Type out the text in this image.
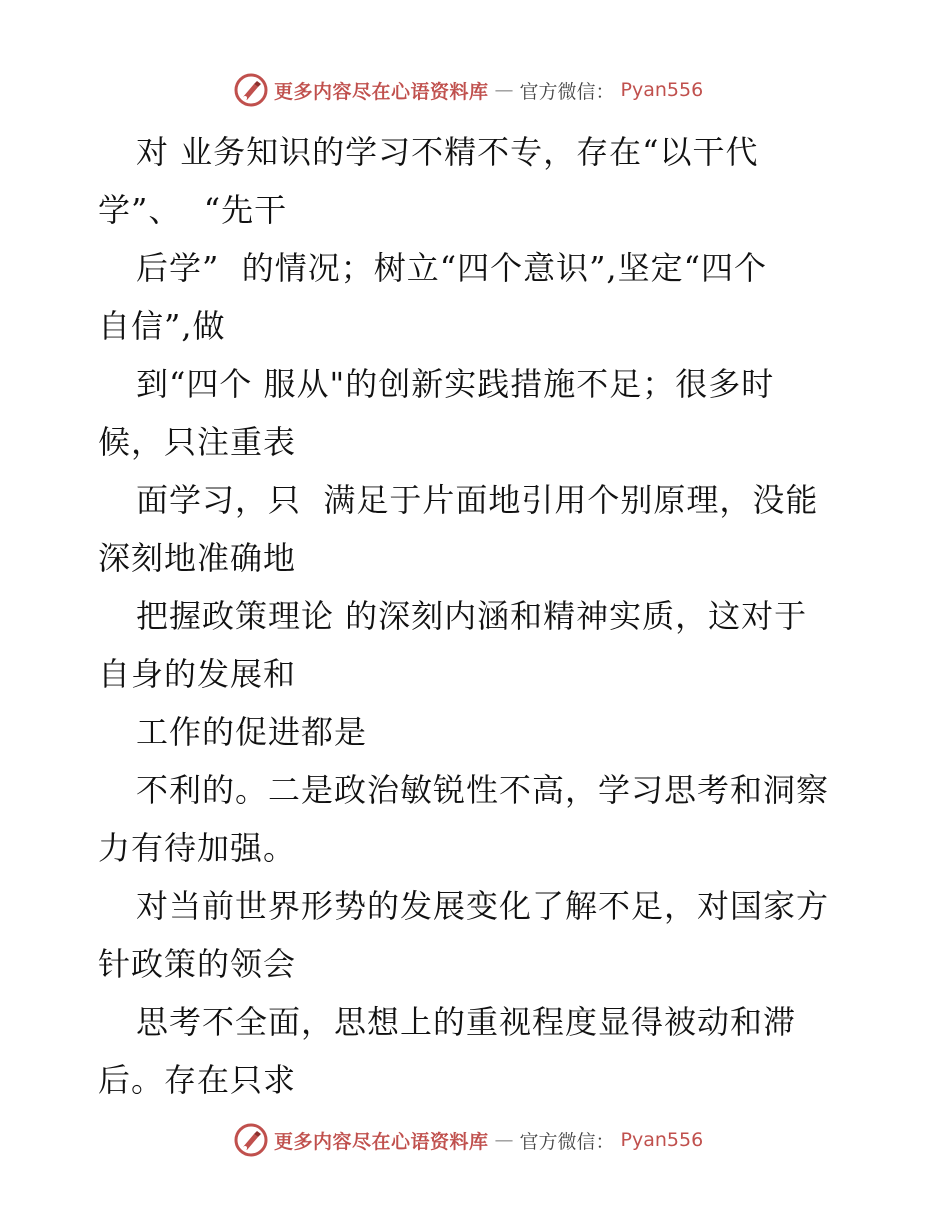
更多内容尽在心语资料库 — 官方微信： Pyan556
对 业务知识的学习不精不专，存在“以干代
学”、  “先干
后学”  的情况；树立“四个意识”,坚定“四个
自信”,做
到“四个 服从"的创新实践措施不足；很多时
候，只注重表
面学习，只  满足于片面地引用个别原理，没能
深刻地准确地
把握政策理论 的深刻内涵和精神实质，这对于
自身的发展和
工作的促进都是
不利的。二是政治敏锐性不高，学习思考和洞察
力有待加强。
对当前世界形势的发展变化了解不足，对国家方
针政策的领会
思考不全面，思想上的重视程度显得被动和滞
后。存在只求
更多内容尽在心语资料库 — 官方微信： Pyan556
